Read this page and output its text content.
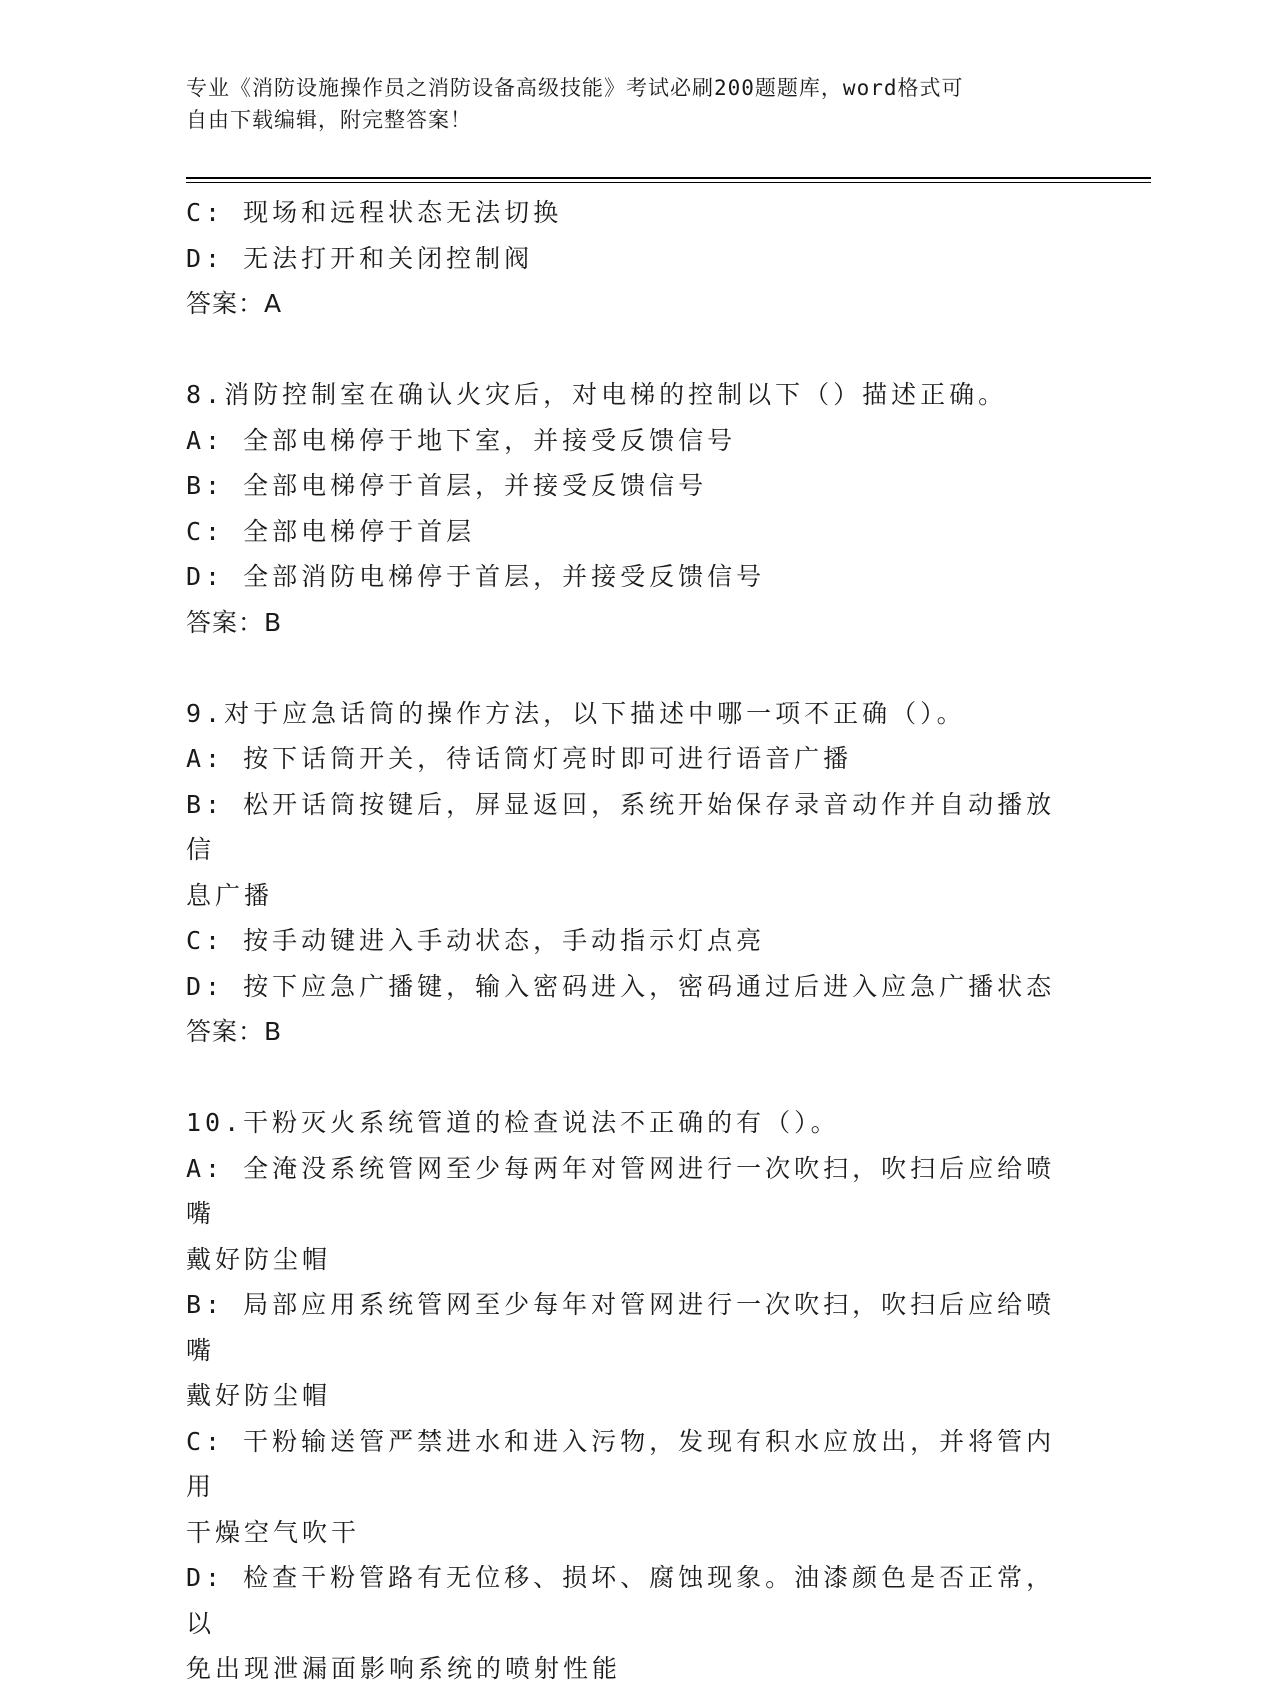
专业《消防设施操作员之消防设备高级技能》考试必刷200题题库，word格式可
自由下载编辑，附完整答案！
C: 现场和远程状态无法切换
D: 无法打开和关闭控制阀
答案：A
8.消防控制室在确认火灾后，对电梯的控制以下（）描述正确。
A: 全部电梯停于地下室，并接受反馈信号
B: 全部电梯停于首层，并接受反馈信号
C: 全部电梯停于首层
D: 全部消防电梯停于首层，并接受反馈信号
答案：B
9.对于应急话筒的操作方法，以下描述中哪一项不正确（）。
A: 按下话筒开关，待话筒灯亮时即可进行语音广播
B: 松开话筒按键后，屏显返回，系统开始保存录音动作并自动播放信
息广播
C: 按手动键进入手动状态，手动指示灯点亮
D: 按下应急广播键，输入密码进入，密码通过后进入应急广播状态
答案：B
10.干粉灭火系统管道的检查说法不正确的有（）。
A: 全淹没系统管网至少每两年对管网进行一次吹扫，吹扫后应给喷嘴
戴好防尘帽
B: 局部应用系统管网至少每年对管网进行一次吹扫，吹扫后应给喷嘴
戴好防尘帽
C: 干粉输送管严禁进水和进入污物，发现有积水应放出，并将管内用
干燥空气吹干
D: 检查干粉管路有无位移、损坏、腐蚀现象。油漆颜色是否正常，以
免出现泄漏面影响系统的喷射性能
